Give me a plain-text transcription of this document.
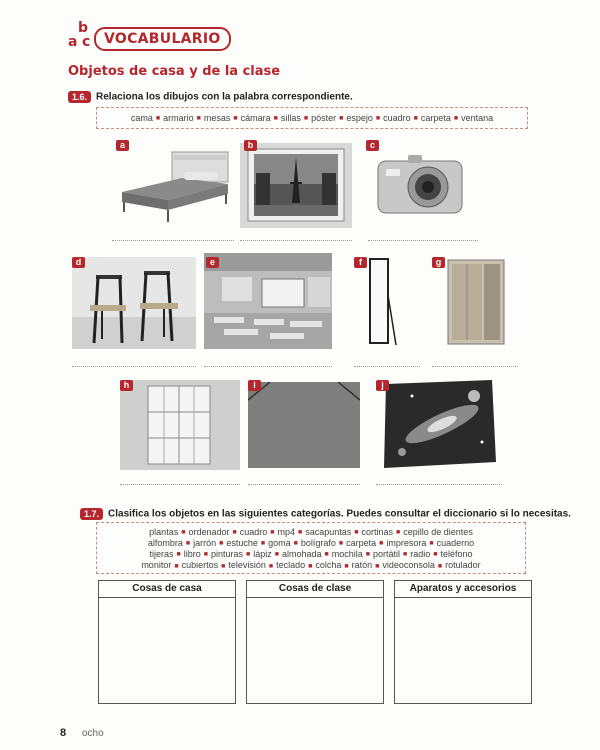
a
b
c VOCABULARIO
Objetos de casa y de la clase
1.6. Relaciona los dibujos con la palabra correspondiente.
cama ■ armario ■ mesas ■ cámara ■ sillas ■ póster ■ espejo ■ cuadro ■ carpeta ■ ventana
a	b	c
d	e	f	g
h	i	j
1.7. Clasifica los objetos en las siguientes categorías. Puedes consultar el diccionario si lo necesitas.
plantas ■ ordenador ■ cuadro ■ mp4 ■ sacapuntas ■ cortinas ■ cepillo de dientes
alfombra ■ jarrón ■ estuche ■ goma ■ bolígrafo ■ carpeta ■ impresora ■ cuaderno
tijeras ■ libro ■ pinturas ■ lápiz ■ almohada ■ mochila ■ portátil ■ radio ■ teléfono
monitor ■ cubiertos ■ televisión ■ teclado ■ colcha ■ ratón ■ videoconsola ■ rotulador
Cosas de casa	Cosas de clase	Aparatos y accesorios
8 ocho
